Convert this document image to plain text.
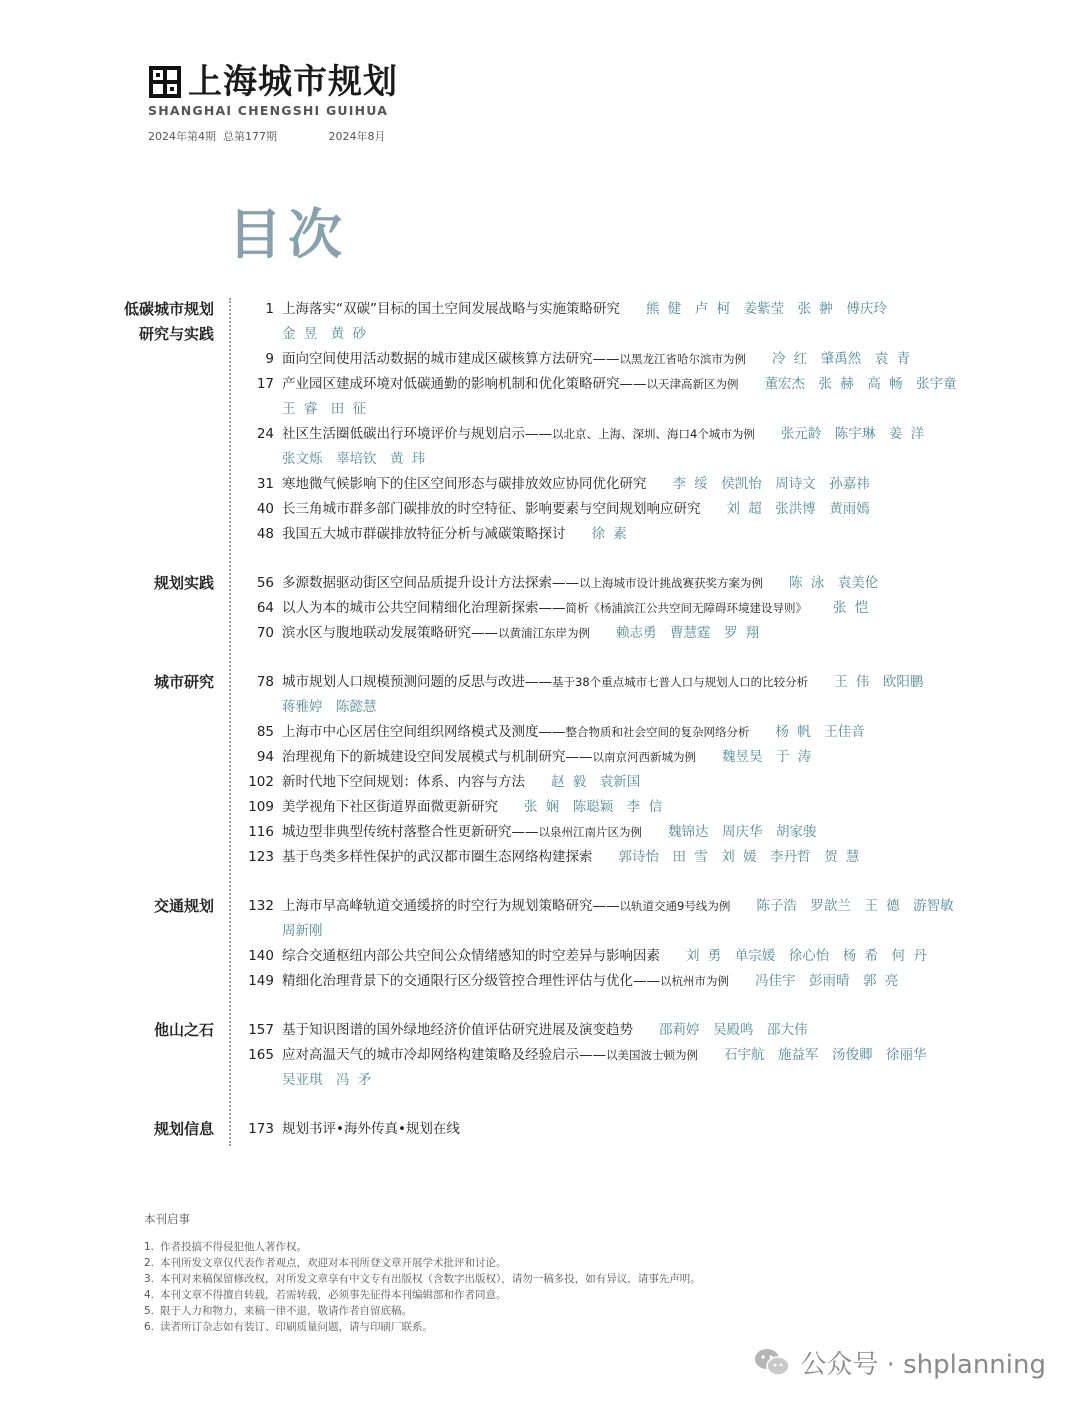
上海城市规划
SHANGHAI CHENGSHI GUIHUA
2024年第4期  总第177期	2024年8月
目次
低碳城市规划
研究与实践
1 上海落实“双碳”目标的国土空间发展战略与实施策略研究 熊 健　卢 柯　姜紫莹　张 翀　傅庆玲
金 昱　黄 砂
9 面向空间使用活动数据的城市建成区碳核算方法研究——以黑龙江省哈尔滨市为例 冷 红　肇禹然　袁 青
17 产业园区建成环境对低碳通勤的影响机制和优化策略研究——以天津高新区为例 董宏杰　张 赫　高 畅　张宇童
王 睿　田 征
24 社区生活圈低碳出行环境评价与规划启示——以北京、上海、深圳、海口4个城市为例 张元龄　陈宇琳　姜 洋
张文烁　辜培钦　黄 玮
31 寒地微气候影响下的住区空间形态与碳排放效应协同优化研究 李 绥　侯凯怡　周诗文　孙嘉祎
40 长三角城市群多部门碳排放的时空特征、影响要素与空间规划响应研究 刘 超　张洪博　黄雨嫣
48 我国五大城市群碳排放特征分析与减碳策略探讨 徐 素
规划实践	56 多源数据驱动街区空间品质提升设计方法探索——以上海城市设计挑战赛获奖方案为例 陈 泳　袁美伦
64 以人为本的城市公共空间精细化治理新探索——简析《杨浦滨江公共空间无障碍环境建设导则》 张 恺
70 滨水区与腹地联动发展策略研究——以黄浦江东岸为例 赖志勇　曹慧霆　罗 翔
城市研究	78 城市规划人口规模预测问题的反思与改进——基于38个重点城市七普人口与规划人口的比较分析 王 伟　欧阳鹏
蒋雅婷　陈懿慧
85 上海市中心区居住空间组织网络模式及测度——整合物质和社会空间的复杂网络分析 杨 帆　王佳音
94 治理视角下的新城建设空间发展模式与机制研究——以南京河西新城为例 魏昱昊　于 涛
102 新时代地下空间规划：体系、内容与方法 赵 毅　袁新国
109 美学视角下社区街道界面微更新研究 张 娴　陈聪颖　李 信
116 城边型非典型传统村落整合性更新研究——以泉州江南片区为例 魏锦达　周庆华　胡家骏
123 基于鸟类多样性保护的武汉都市圈生态网络构建探索 郭诗怡　田 雪　刘 媛　李丹哲　贺 慧
交通规划	132 上海市早高峰轨道交通缓挤的时空行为规划策略研究——以轨道交通9号线为例 陈子浩　罗歆兰　王 德　游智敏
周新刚
140 综合交通枢纽内部公共空间公众情绪感知的时空差异与影响因素 刘 勇　单宗媛　徐心怡　杨 希　何 丹
149 精细化治理背景下的交通限行区分级管控合理性评估与优化——以杭州市为例 冯佳宇　彭雨晴　郭 亮
他山之石	157 基于知识图谱的国外绿地经济价值评估研究进展及演变趋势 邵莉婷　吴殿鸣　邵大伟
165 应对高温天气的城市冷却网络构建策略及经验启示——以美国波士顿为例 石宇航　施益军　汤俊卿　徐丽华
吴亚琪　冯 矛
规划信息	173 规划书评•海外传真•规划在线
本刊启事
1. 作者投搞不得侵犯他人著作权。
2. 本刊所发文章仅代表作者观点，欢迎对本刊所登文章开展学术批评和讨论。
3. 本刊对来稿保留修改权，对所发文章享有中文专有出版权（含数字出版权），请勿一稿多投，如有异议，请事先声明。
4. 本刊文章不得擅自转载，若需转载，必须事先征得本刊编辑部和作者同意。
5. 限于人力和物力，来稿一律不退，敬请作者自留底稿。
6. 读者所订杂志如有装订、印刷质量问题，请与印刷厂联系。
公众号 · shplanning
